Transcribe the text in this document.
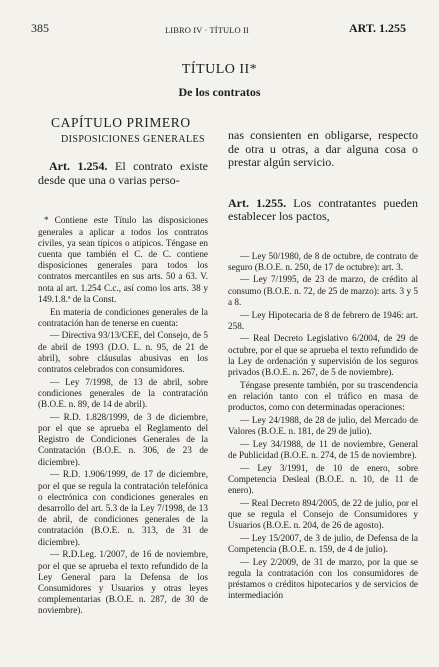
385	LIBRO IV · TÍTULO II	ART. 1.255
TÍTULO II*
De los contratos
CAPÍTULO PRIMERO
DISPOSICIONES GENERALES
Art. 1.254. El contrato existe desde que una o varias perso-

* Contiene este Título las disposiciones generales a aplicar a todos los contratos civiles, ya sean típicos o atípicos. Téngase en cuenta que también el C. de C. contiene disposiciones generales para todos los contratos mercantiles en sus arts. 50 a 63. V. nota al art. 1.254 C.c., así como los arts. 38 y 149.1.8.ª de la Const.

En materia de condiciones generales de la contratación han de tenerse en cuenta:

— Directiva 93/13/CEE, del Consejo, de 5 de abril de 1993 (D.O. L. n. 95, de 21 de abril), sobre cláusulas abusivas en los contratos celebrados con consumidores.

— Ley 7/1998, de 13 de abril, sobre condiciones generales de la contratación (B.O.E. n. 89, de 14 de abril).

— R.D. 1.828/1999, de 3 de diciembre, por el que se aprueba el Reglamento del Registro de Condiciones Generales de la Contratación (B.O.E. n. 306, de 23 de diciembre).

— R.D. 1.906/1999, de 17 de diciembre, por el que se regula la contratación telefónica o electrónica con condiciones generales en desarrollo del art. 5.3 de la Ley 7/1998, de 13 de abril, de condiciones generales de la contratación (B.O.E. n. 313, de 31 de diciembre).

— R.D.Leg. 1/2007, de 16 de noviembre, por el que se aprueba el texto refundido de la Ley General para la Defensa de los Consumidores y Usuarios y otras leyes complementarias (B.O.E. n. 287, de 30 de noviembre).

nas consienten en obligarse, respecto de otra u otras, a dar alguna cosa o prestar algún servicio.
Art. 1.255. Los contratantes pueden establecer los pactos,

— Ley 50/1980, de 8 de octubre, de contrato de seguro (B.O.E. n. 250, de 17 de octubre): art. 3.

— Ley 7/1995, de 23 de marzo, de crédito al consumo (B.O.E. n. 72, de 25 de marzo): arts. 3 y 5 a 8.

— Ley Hipotecaria de 8 de febrero de 1946: art. 258.

— Real Decreto Legislativo 6/2004, de 29 de octubre, por el que se aprueba el texto refundido de la Ley de ordenación y supervisión de los seguros privados (B.O.E. n. 267, de 5 de noviembre).

Téngase presente también, por su trascendencia en relación tanto con el tráfico en masa de productos, como con determinadas operaciones:

— Ley 24/1988, de 28 de julio, del Mercado de Valores (B.O.E. n. 181, de 29 de julio).

— Ley 34/1988, de 11 de noviembre, General de Publicidad (B.O.E. n. 274, de 15 de noviembre).

— Ley 3/1991, de 10 de enero, sobre Competencia Desleal (B.O.E. n. 10, de 11 de enero).

— Real Decreto 894/2005, de 22 de julio, por el que se regula el Consejo de Consumidores y Usuarios (B.O.E. n. 204, de 26 de agosto).

— Ley 15/2007, de 3 de julio, de Defensa de la Competencia (B.O.E. n. 159, de 4 de julio).

— Ley 2/2009, de 31 de marzo, por la que se regula la contratación con los consumidores de préstamos o créditos hipotecarios y de servicios de intermediación
